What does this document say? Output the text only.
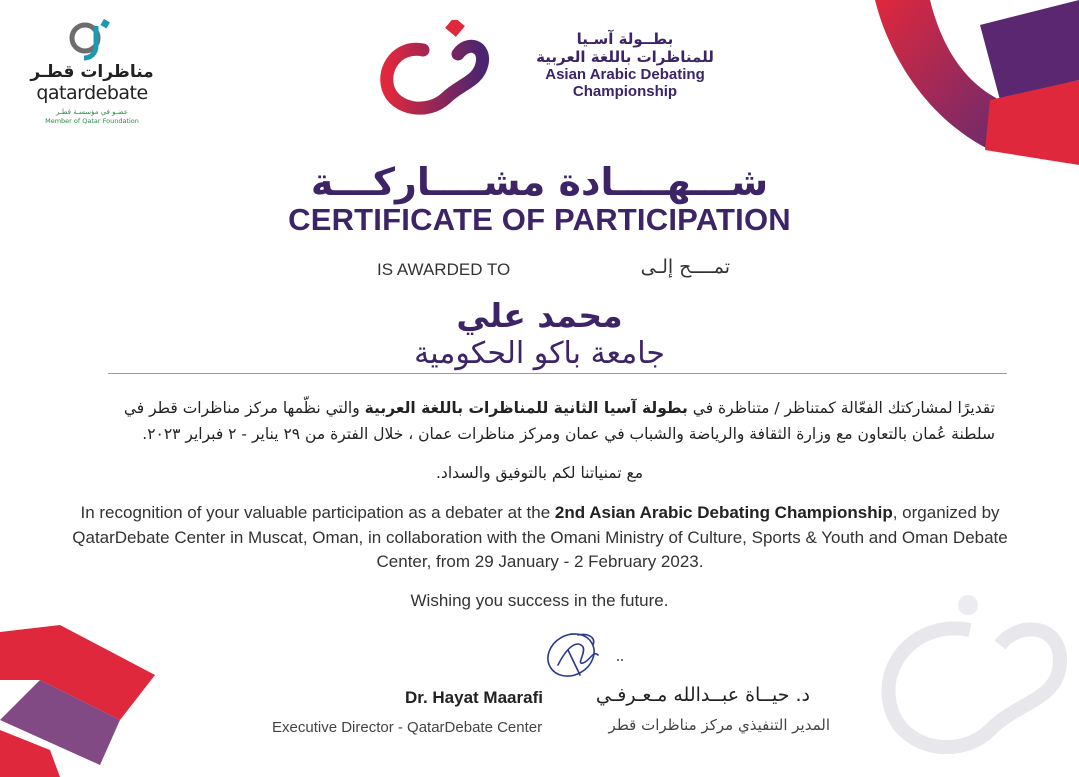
مناظرات قطـر
qatardebate
عضـو في مؤسسـة قطـر
Member of Qatar Foundation
بطــولة آسـيا
للمناظرات باللغة العربية
Asian Arabic Debating
Championship
شـــهــــادة مشــــاركـــة
CERTIFICATE OF PARTICIPATION
IS AWARDED TO	تمــــح إلـى
محمد علي
جامعة باكو الحكومية
تقديرًا لمشاركتك الفعّالة كمتناظر / متناظرة في بطولة آسيا الثانية للمناظرات باللغة العربية والتي نظّمها مركز مناظرات قطر في سلطنة عُمان بالتعاون مع وزارة الثقافة والرياضة والشباب في عمان ومركز مناظرات عمان ، خلال الفترة من ٢٩ يناير - ٢ فبراير ٢٠٢٣.
مع تمنياتنا لكم بالتوفيق والسداد.
In recognition of your valuable participation as a debater at the 2nd Asian Arabic Debating Championship, organized by QatarDebate Center in Muscat, Oman, in collaboration with the Omani Ministry of Culture, Sports & Youth and Oman Debate Center, from 29 January - 2 February 2023.
Wishing you success in the future.
Dr. Hayat Maarafi	د. حيــاة عبــدالله مـعـرفـي
Executive Director - QatarDebate Center	المدير التنفيذي مركز مناظرات قطر
